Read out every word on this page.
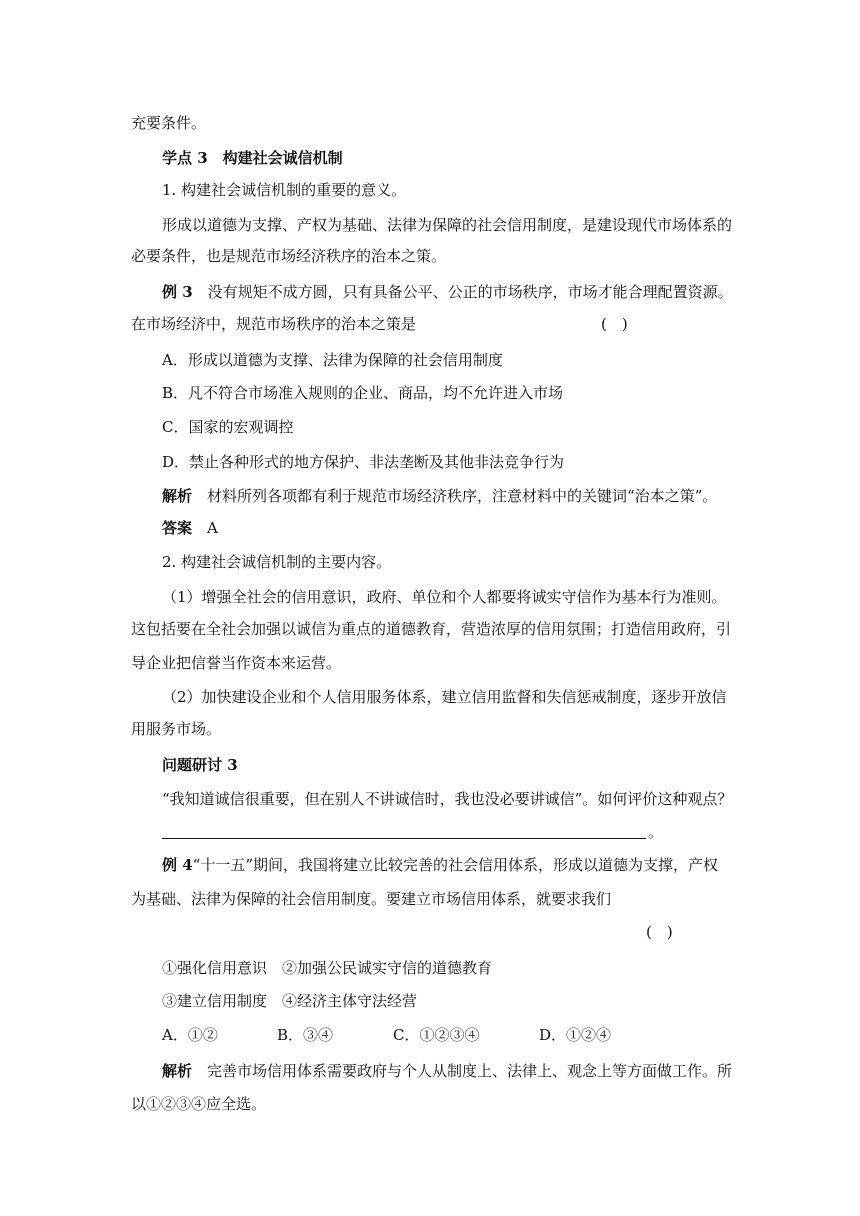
充要条件。
学点 3　构建社会诚信机制
1. 构建社会诚信机制的重要的意义。
形成以道德为支撑、产权为基础、法律为保障的社会信用制度，是建设现代市场体系的
必要条件，也是规范市场经济秩序的治本之策。
例 3　没有规矩不成方圆，只有具备公平、公正的市场秩序，市场才能合理配置资源。
在市场经济中，规范市场秩序的治本之策是	(　)
A．形成以道德为支撑、法律为保障的社会信用制度
B．凡不符合市场准入规则的企业、商品，均不允许进入市场
C．国家的宏观调控
D．禁止各种形式的地方保护、非法垄断及其他非法竞争行为
解析　材料所列各项都有利于规范市场经济秩序，注意材料中的关键词“治本之策”。
答案　A
2. 构建社会诚信机制的主要内容。
（1）增强全社会的信用意识，政府、单位和个人都要将诚实守信作为基本行为准则。
这包括要在全社会加强以诚信为重点的道德教育，营造浓厚的信用氛围；打造信用政府，引
导企业把信誉当作资本来运营。
（2）加快建设企业和个人信用服务体系，建立信用监督和失信惩戒制度，逐步开放信
用服务市场。
问题研讨 3
“我知道诚信很重要，但在别人不讲诚信时，我也没必要讲诚信”。如何评价这种观点？
。
例 4“十一五”期间，我国将建立比较完善的社会信用体系，形成以道德为支撑，产权
为基础、法律为保障的社会信用制度。要建立市场信用体系，就要求我们
(　)
①强化信用意识　②加强公民诚实守信的道德教育
③建立信用制度　④经济主体守法经营
A．①②	B．③④	C．①②③④	D．①②④
解析　完善市场信用体系需要政府与个人从制度上、法律上、观念上等方面做工作。所
以①②③④应全选。
